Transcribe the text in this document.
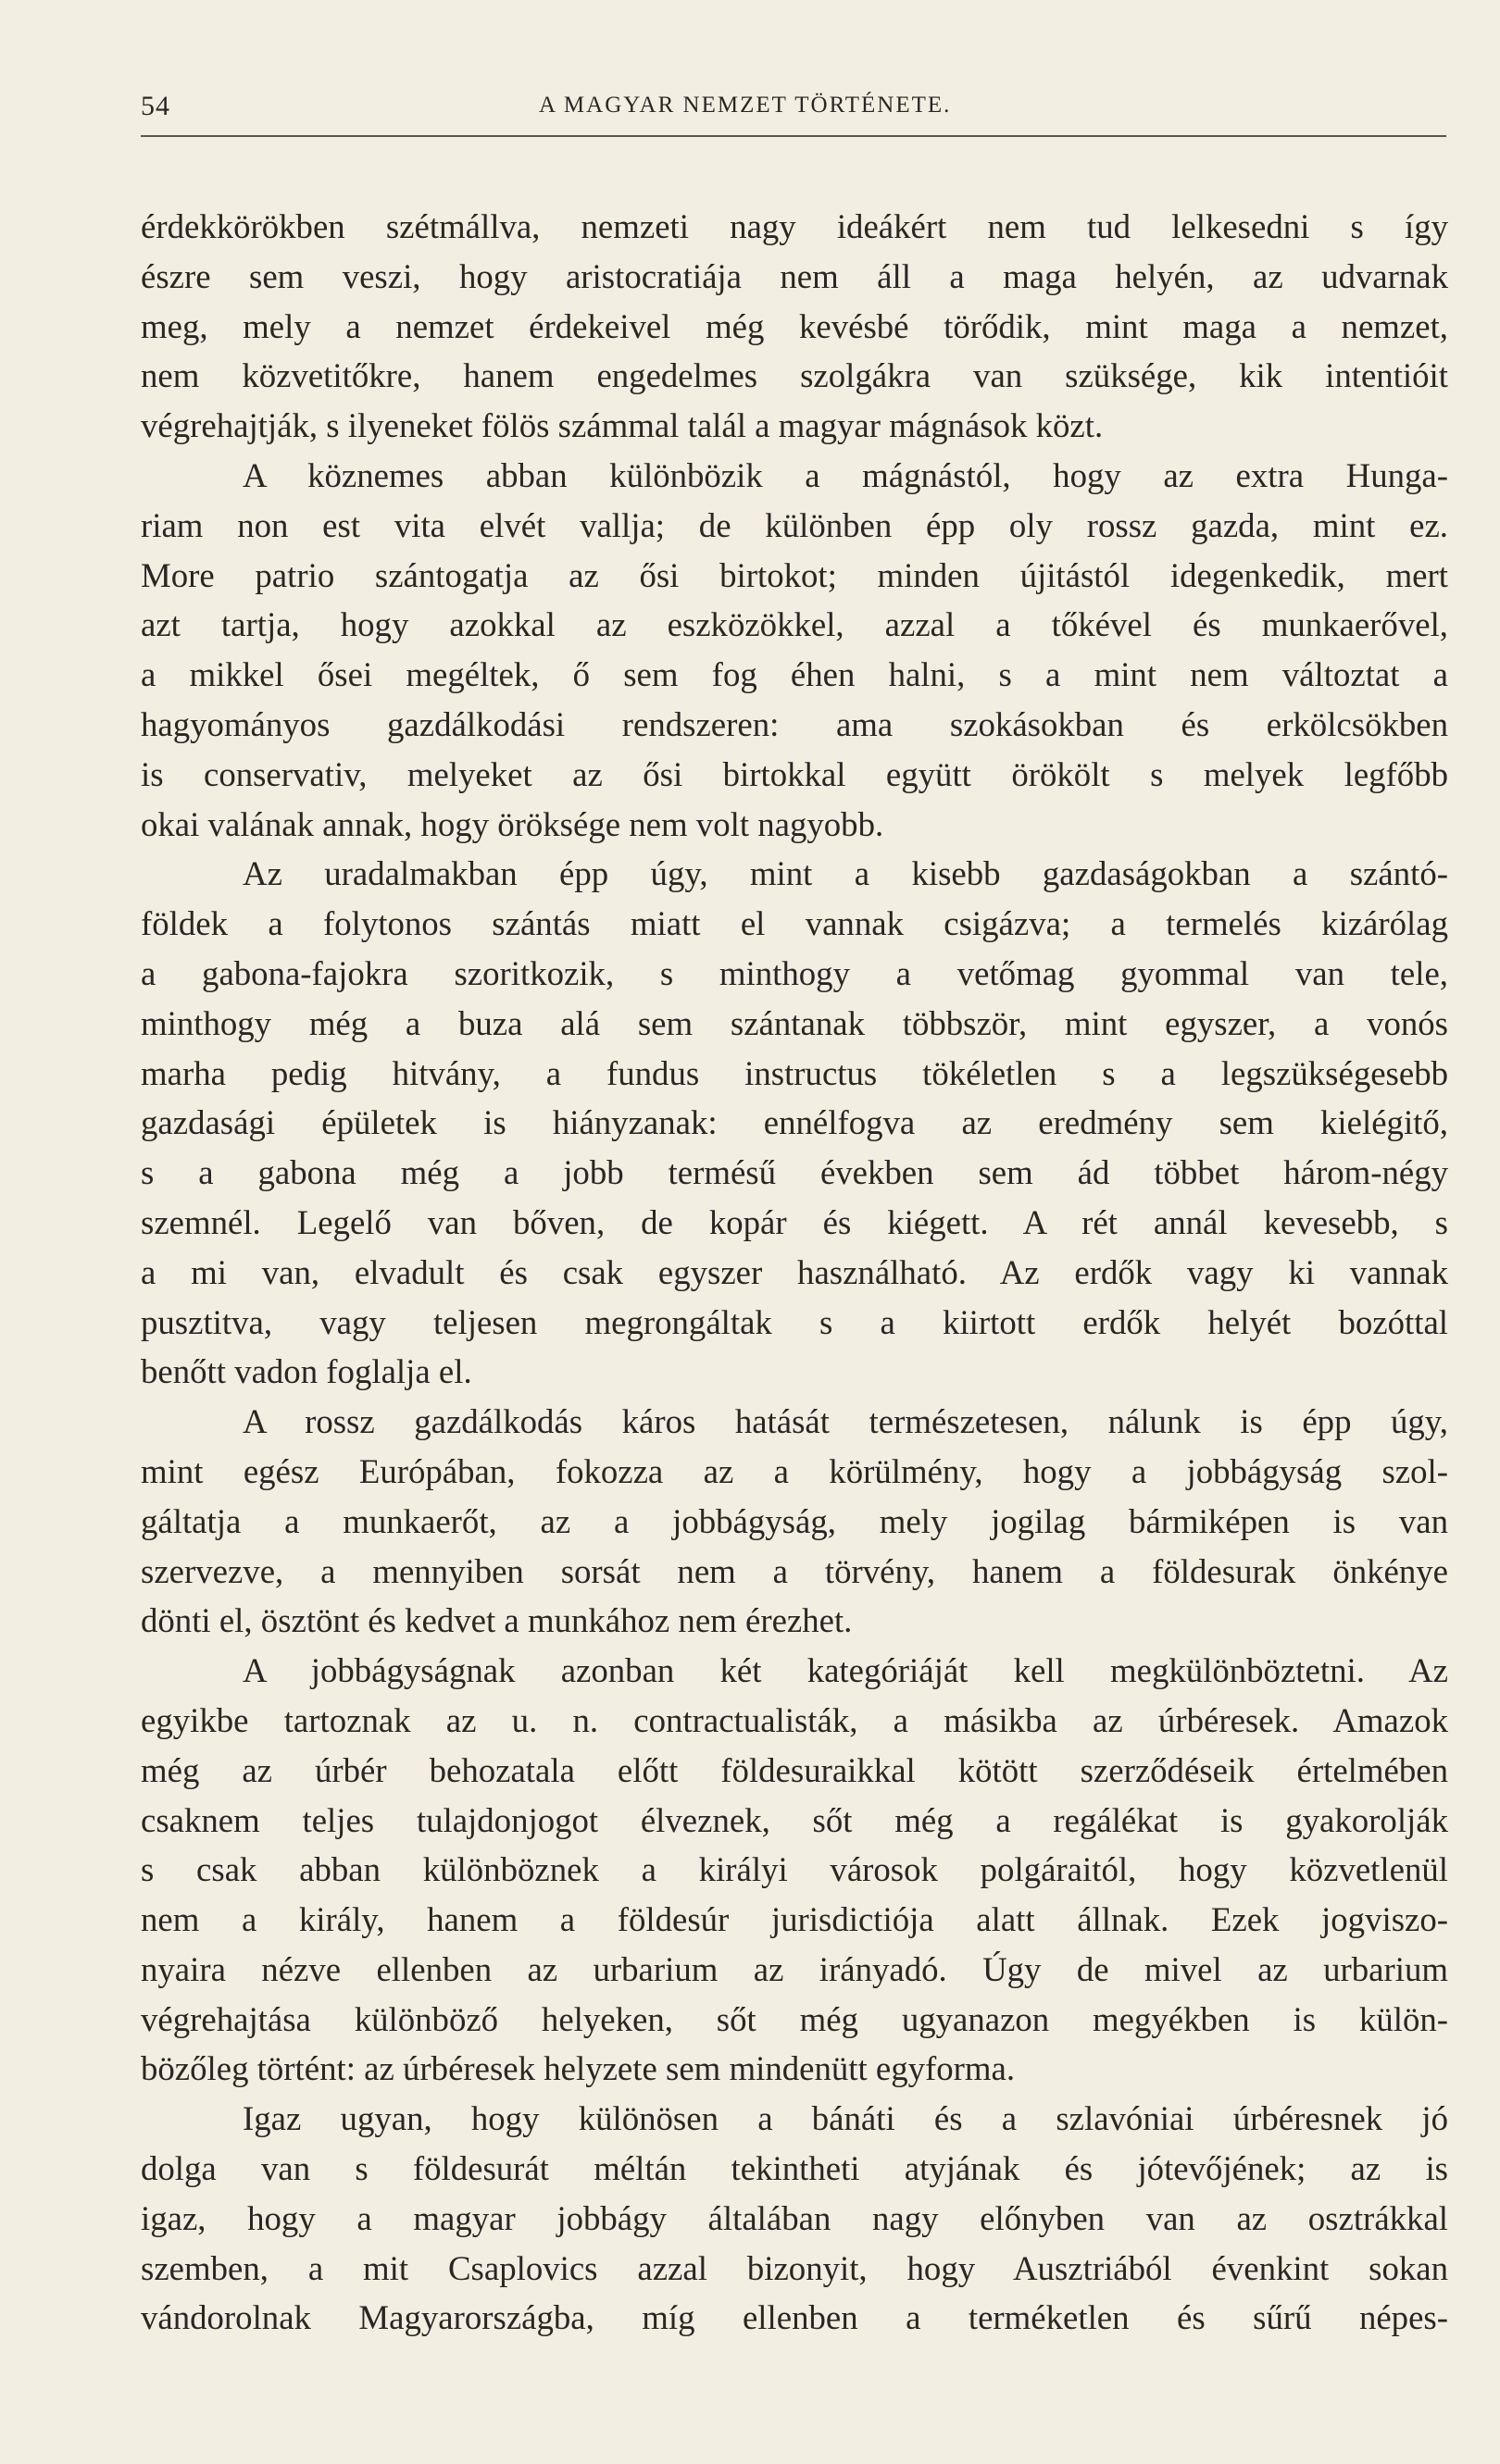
54	A MAGYAR NEMZET TÖRTÉNETE.
érdekkörökben szétmállva, nemzeti nagy ideákért nem tud lelkesedni s így
észre sem veszi, hogy aristocratiája nem áll a maga helyén, az udvarnak
meg, mely a nemzet érdekeivel még kevésbé törődik, mint maga a nemzet,
nem közvetitőkre, hanem engedelmes szolgákra van szüksége, kik intentióit
végrehajtják, s ilyeneket fölös számmal talál a magyar mágnások közt.
A köznemes abban különbözik a mágnástól, hogy az extra Hunga-
riam non est vita elvét vallja; de különben épp oly rossz gazda, mint ez.
More patrio szántogatja az ősi birtokot; minden újitástól idegenkedik, mert
azt tartja, hogy azokkal az eszközökkel, azzal a tőkével és munkaerővel,
a mikkel ősei megéltek, ő sem fog éhen halni, s a mint nem változtat a
hagyományos gazdálkodási rendszeren: ama szokásokban és erkölcsökben
is conservativ, melyeket az ősi birtokkal együtt örökölt s melyek legfőbb
okai valának annak, hogy öröksége nem volt nagyobb.
Az uradalmakban épp úgy, mint a kisebb gazdaságokban a szántó-
földek a folytonos szántás miatt el vannak csigázva; a termelés kizárólag
a gabona-fajokra szoritkozik, s minthogy a vetőmag gyommal van tele,
minthogy még a buza alá sem szántanak többször, mint egyszer, a vonós
marha pedig hitvány, a fundus instructus tökéletlen s a legszükségesebb
gazdasági épületek is hiányzanak: ennélfogva az eredmény sem kielégitő,
s a gabona még a jobb termésű években sem ád többet három-négy
szemnél. Legelő van bőven, de kopár és kiégett. A rét annál kevesebb, s
a mi van, elvadult és csak egyszer használható. Az erdők vagy ki vannak
pusztitva, vagy teljesen megrongáltak s a kiirtott erdők helyét bozóttal
benőtt vadon foglalja el.
A rossz gazdálkodás káros hatását természetesen, nálunk is épp úgy,
mint egész Európában, fokozza az a körülmény, hogy a jobbágyság szol-
gáltatja a munkaerőt, az a jobbágyság, mely jogilag bármiképen is van
szervezve, a mennyiben sorsát nem a törvény, hanem a földesurak önkénye
dönti el, ösztönt és kedvet a munkához nem érezhet.
A jobbágyságnak azonban két kategóriáját kell megkülönböztetni. Az
egyikbe tartoznak az u. n. contractualisták, a másikba az úrbéresek. Amazok
még az úrbér behozatala előtt földesuraikkal kötött szerződéseik értelmében
csaknem teljes tulajdonjogot élveznek, sőt még a regálékat is gyakorolják
s csak abban különböznek a királyi városok polgáraitól, hogy közvetlenül
nem a király, hanem a földesúr jurisdictiója alatt állnak. Ezek jogviszo-
nyaira nézve ellenben az urbarium az irányadó. Úgy de mivel az urbarium
végrehajtása különböző helyeken, sőt még ugyanazon megyékben is külön-
bözőleg történt: az úrbéresek helyzete sem mindenütt egyforma.
Igaz ugyan, hogy különösen a bánáti és a szlavóniai úrbéresnek jó
dolga van s földesurát méltán tekintheti atyjának és jótevőjének; az is
igaz, hogy a magyar jobbágy általában nagy előnyben van az osztrákkal
szemben, a mit Csaplovics azzal bizonyit, hogy Ausztriából évenkint sokan
vándorolnak Magyarországba, míg ellenben a terméketlen és sűrű népes-
